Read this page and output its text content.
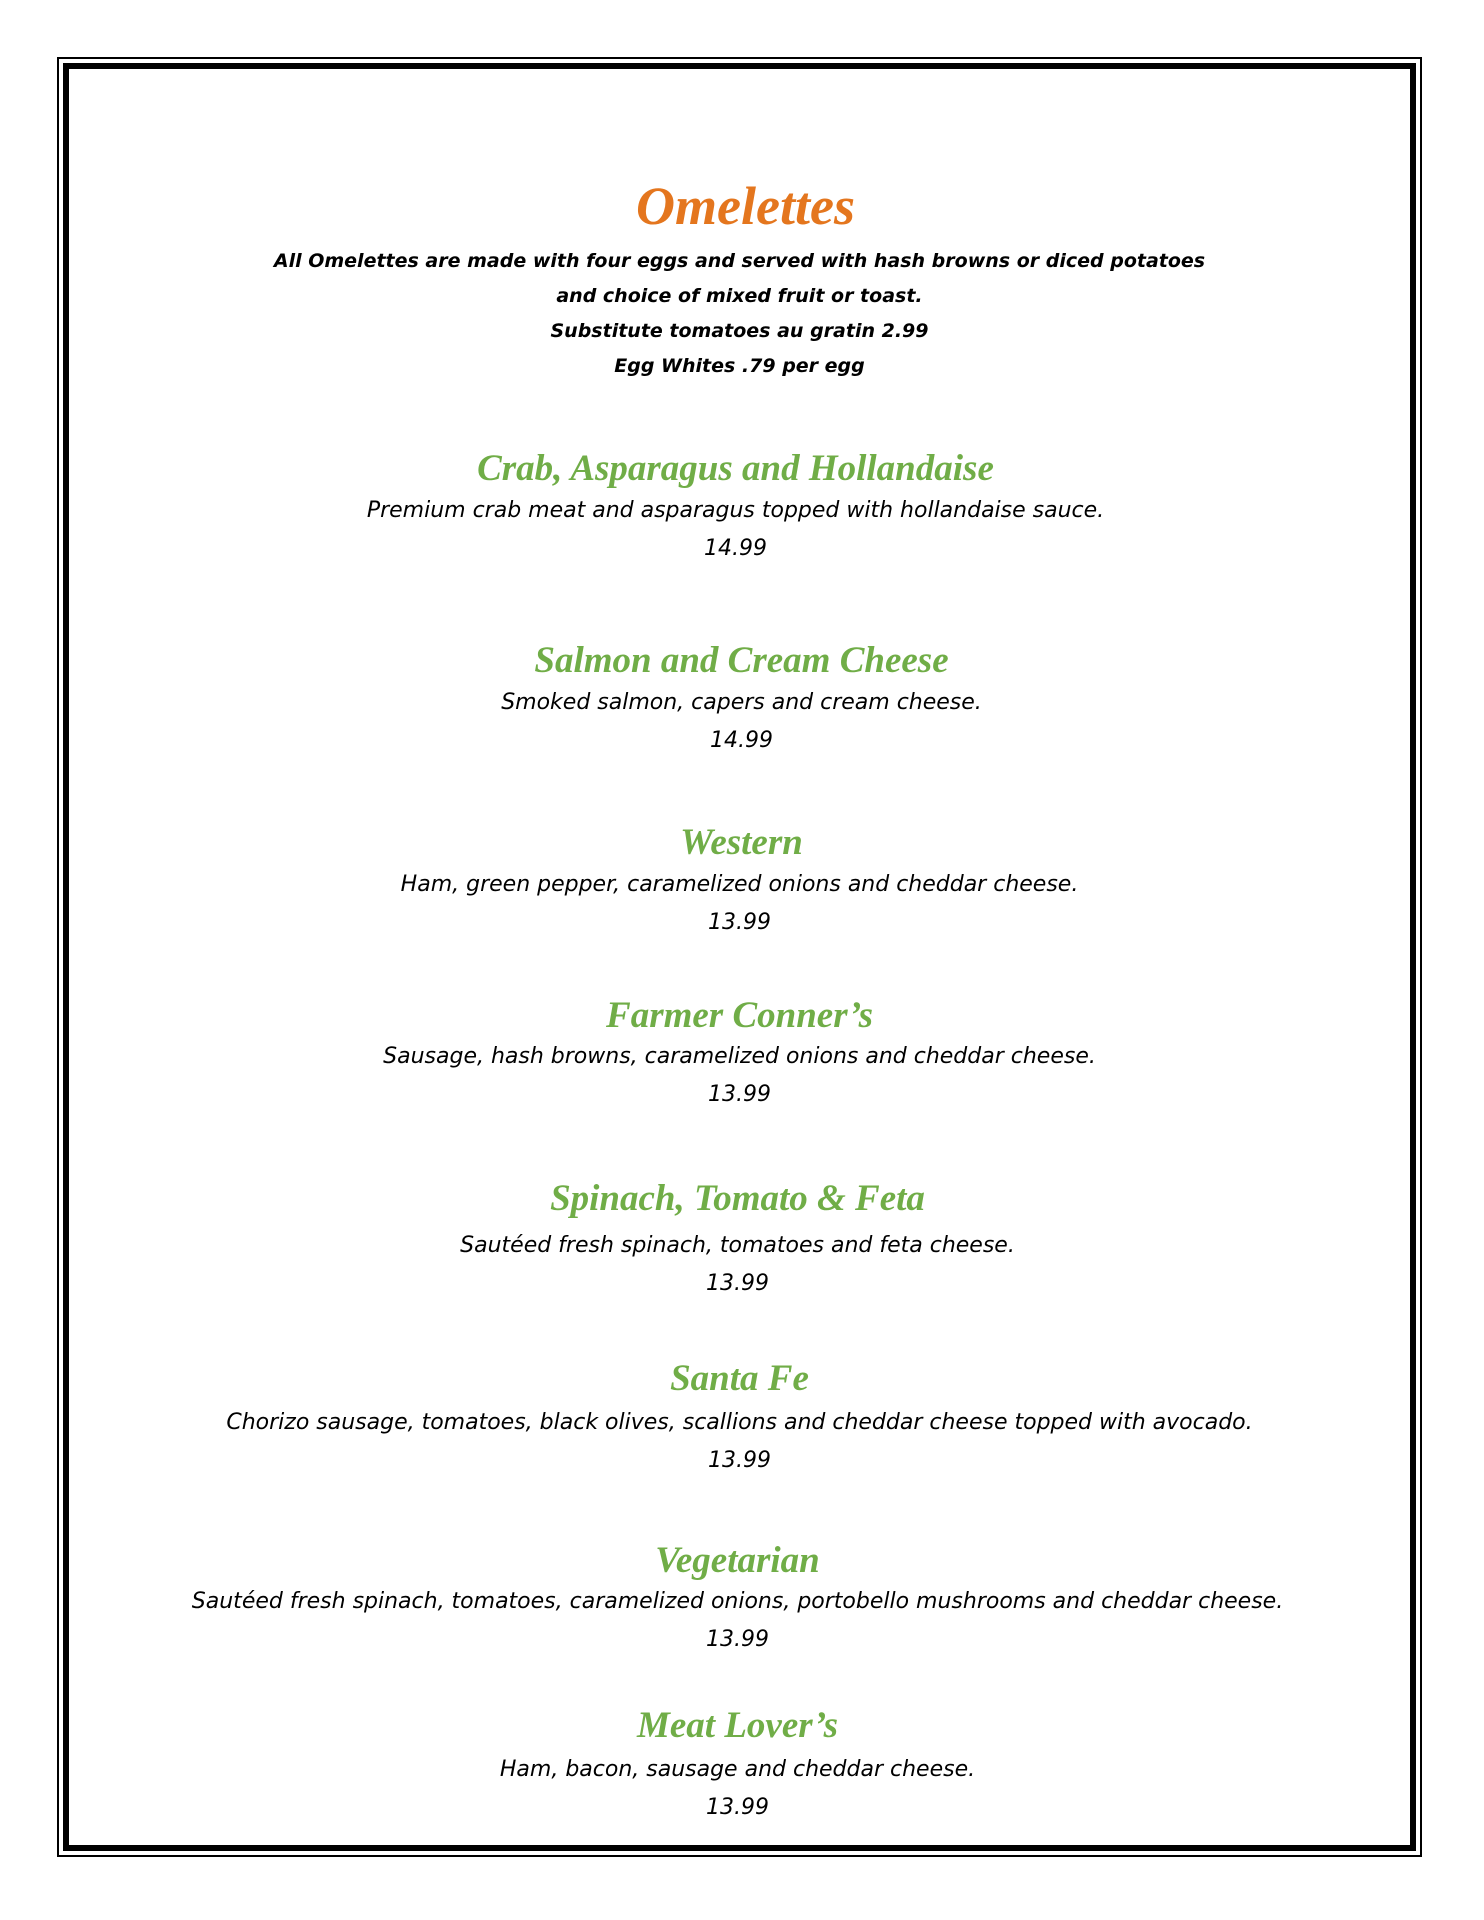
Omelettes
All Omelettes are made with four eggs and served with hash browns or diced potatoes
and choice of mixed fruit or toast.
Substitute tomatoes au gratin 2.99
Egg Whites .79 per egg
Crab, Asparagus and Hollandaise
Premium crab meat and asparagus topped with hollandaise sauce.
14.99
Salmon and Cream Cheese
Smoked salmon, capers and cream cheese.
14.99
Western
Ham, green pepper, caramelized onions and cheddar cheese.
13.99
Farmer Conner’s
Sausage, hash browns, caramelized onions and cheddar cheese.
13.99
Spinach, Tomato & Feta
Sautéed fresh spinach, tomatoes and feta cheese.
13.99
Santa Fe
Chorizo sausage, tomatoes, black olives, scallions and cheddar cheese topped with avocado.
13.99
Vegetarian
Sautéed fresh spinach, tomatoes, caramelized onions, portobello mushrooms and cheddar cheese.
13.99
Meat Lover’s
Ham, bacon, sausage and cheddar cheese.
13.99
